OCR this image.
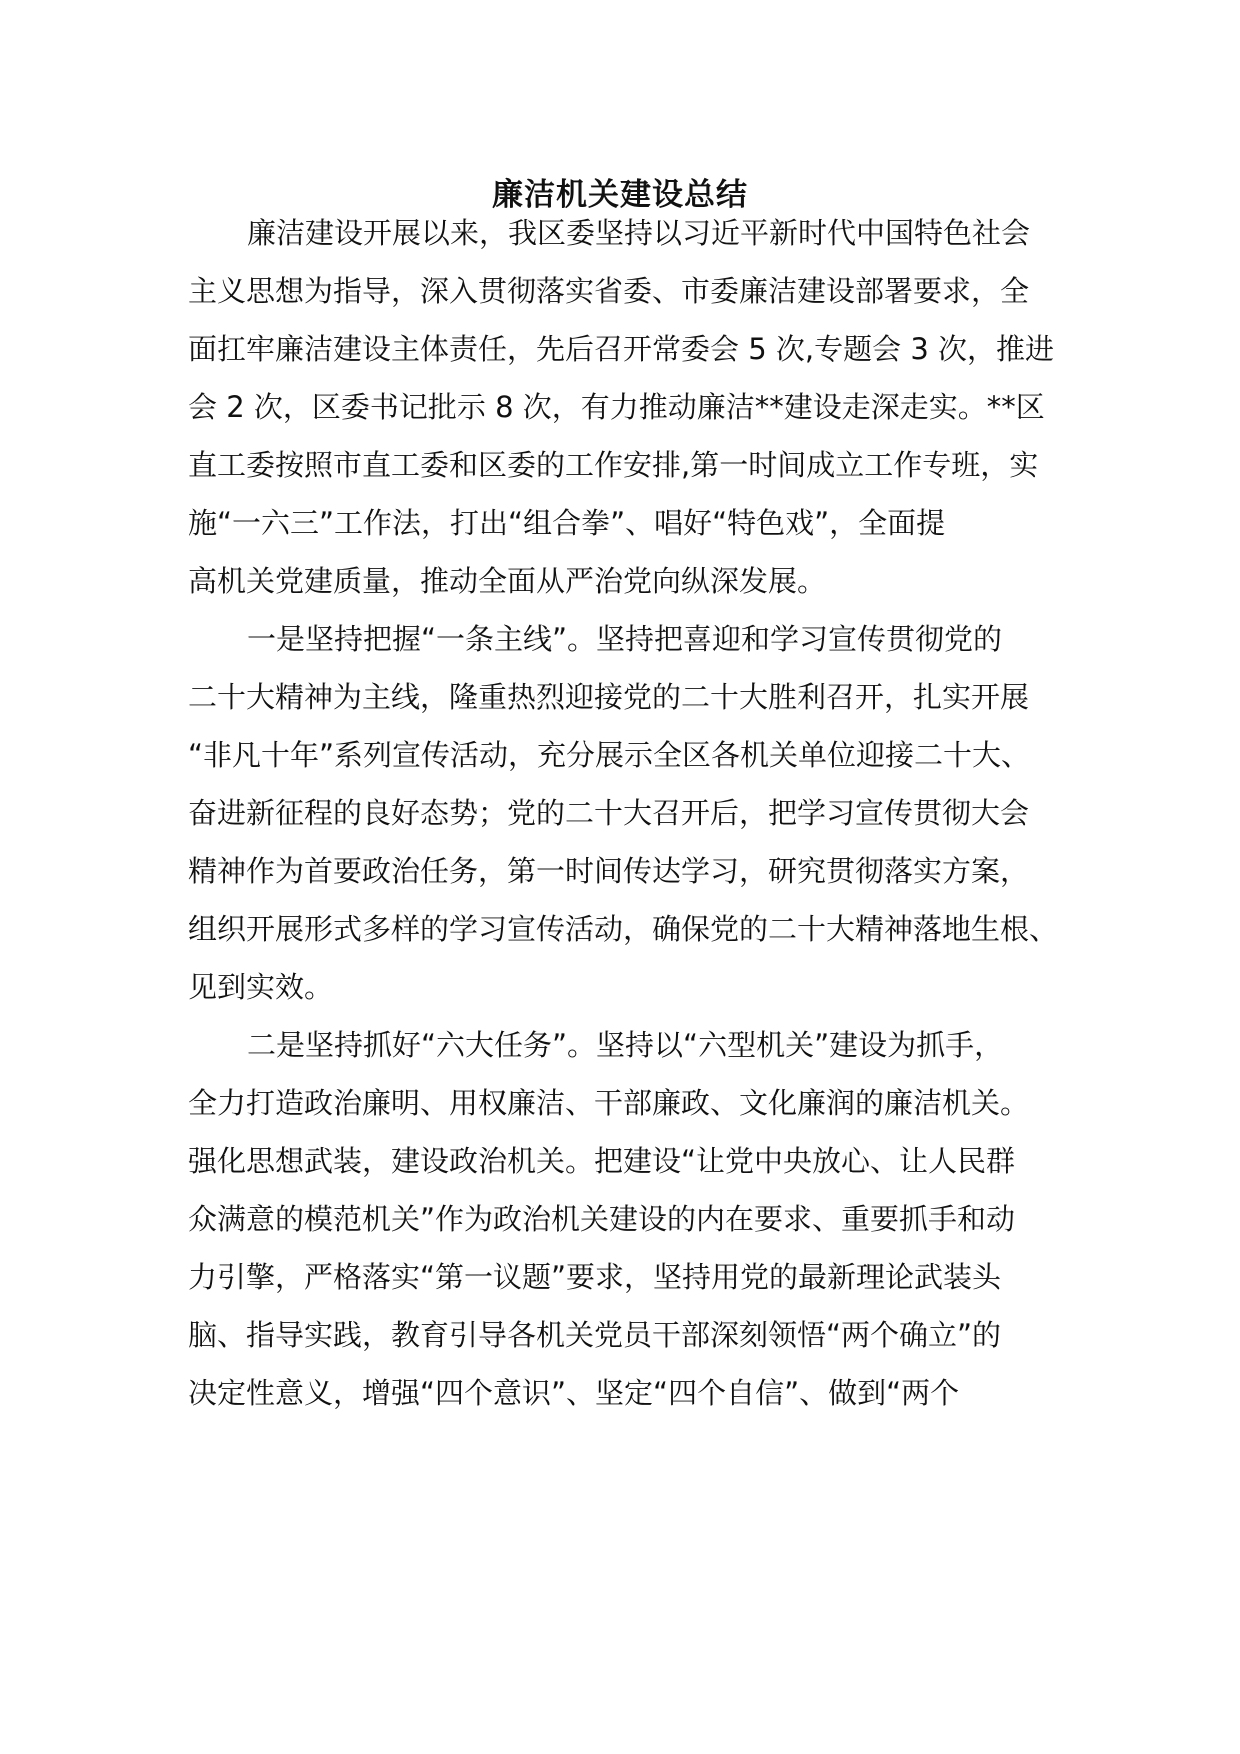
廉洁机关建设总结
廉洁建设开展以来，我区委坚持以习近平新时代中国特色社会
主义思想为指导，深入贯彻落实省委、市委廉洁建设部署要求，全
面扛牢廉洁建设主体责任，先后召开常委会 5 次,专题会 3 次，推进
会 2 次，区委书记批示 8 次，有力推动廉洁**建设走深走实。**区
直工委按照市直工委和区委的工作安排,第一时间成立工作专班，实
施“一六三”工作法，打出“组合拳”、唱好“特色戏”，全面提
高机关党建质量，推动全面从严治党向纵深发展。
一是坚持把握“一条主线”。坚持把喜迎和学习宣传贯彻党的
二十大精神为主线，隆重热烈迎接党的二十大胜利召开，扎实开展
“非凡十年”系列宣传活动，充分展示全区各机关单位迎接二十大、
奋进新征程的良好态势；党的二十大召开后，把学习宣传贯彻大会
精神作为首要政治任务，第一时间传达学习，研究贯彻落实方案，
组织开展形式多样的学习宣传活动，确保党的二十大精神落地生根、
见到实效。
二是坚持抓好“六大任务”。坚持以“六型机关”建设为抓手，
全力打造政治廉明、用权廉洁、干部廉政、文化廉润的廉洁机关。
强化思想武装，建设政治机关。把建设“让党中央放心、让人民群
众满意的模范机关”作为政治机关建设的内在要求、重要抓手和动
力引擎，严格落实“第一议题”要求，坚持用党的最新理论武装头
脑、指导实践，教育引导各机关党员干部深刻领悟“两个确立”的
决定性意义，增强“四个意识”、坚定“四个自信”、做到“两个
